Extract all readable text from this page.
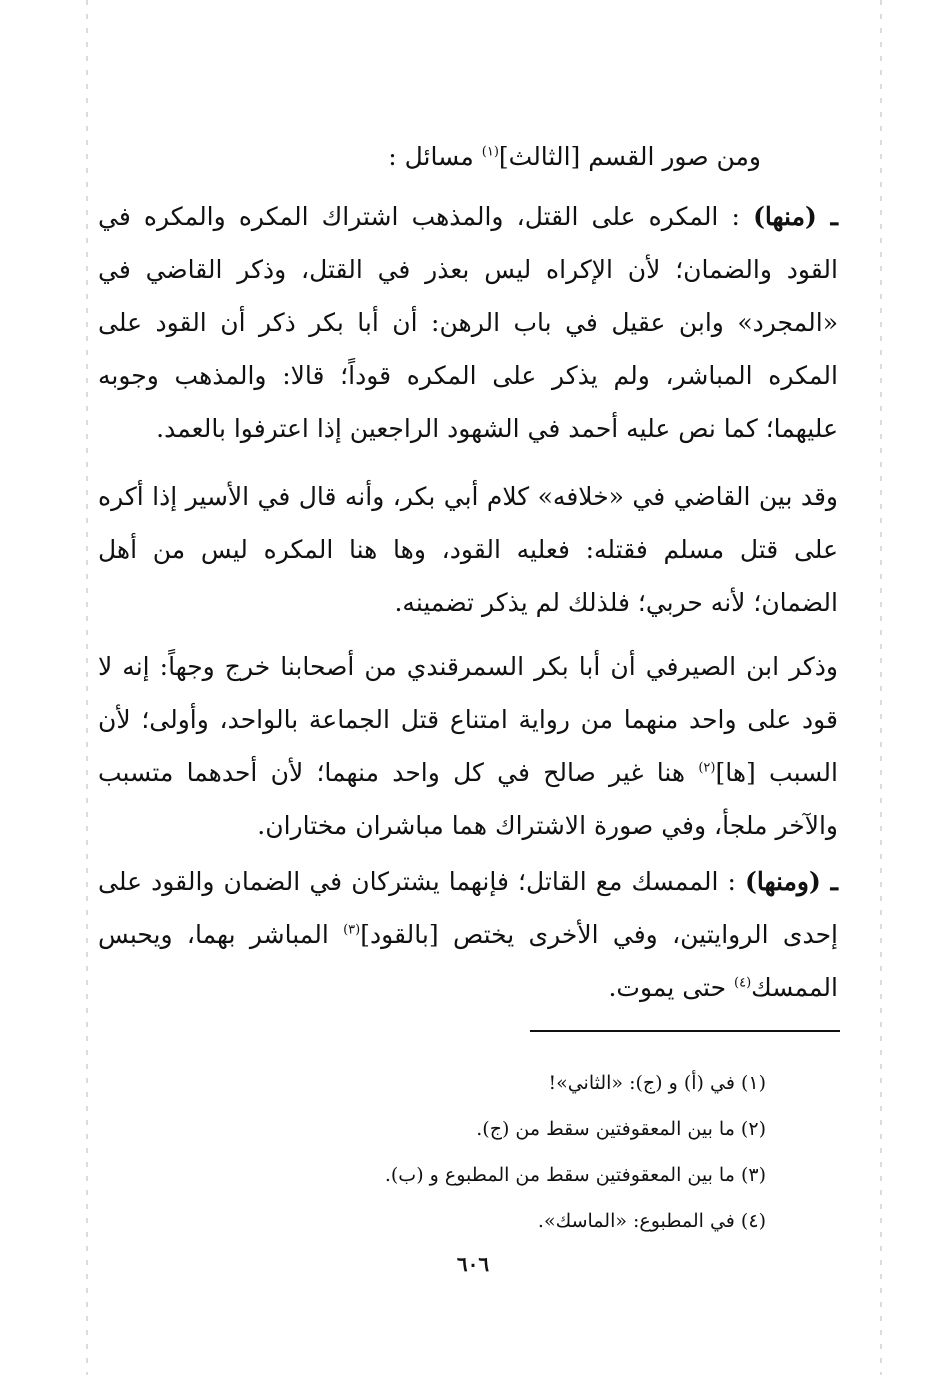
ومن صور القسم [الثالث]$^{(١)}$ مسائل :
ـ (منها) : المكره على القتل، والمذهب اشتراك المكره والمكره في القود والضمان؛ لأن الإكراه ليس بعذر في القتل، وذكر القاضي في «المجرد» وابن عقيل في باب الرهن: أن أبا بكر ذكر أن القود على المكره المباشر، ولم يذكر على المكره قوداً؛ قالا: والمذهب وجوبه عليهما؛ كما نص عليه أحمد في الشهود الراجعين إذا اعترفوا بالعمد.
وقد بين القاضي في «خلافه» كلام أبي بكر، وأنه قال في الأسير إذا أكره على قتل مسلم فقتله: فعليه القود، وها هنا المكره ليس من أهل الضمان؛ لأنه حربي؛ فلذلك لم يذكر تضمينه.
وذكر ابن الصيرفي أن أبا بكر السمرقندي من أصحابنا خرج وجهاً: إنه لا قود على واحد منهما من رواية امتناع قتل الجماعة بالواحد، وأولى؛ لأن السبب [ها]$^{(٢)}$ هنا غير صالح في كل واحد منهما؛ لأن أحدهما متسبب والآخر ملجأ، وفي صورة الاشتراك هما مباشران مختاران.
ـ (ومنها) : الممسك مع القاتل؛ فإنهما يشتركان في الضمان والقود على إحدى الروايتين، وفي الأخرى يختص [بالقود]$^{(٣)}$ المباشر بهما، ويحبس الممسك$^{(٤)}$ حتى يموت.
(١) في (أ) و (ج): «الثاني»!
(٢) ما بين المعقوفتين سقط من (ج).
(٣) ما بين المعقوفتين سقط من المطبوع و (ب).
(٤) في المطبوع: «الماسك».
٦٠٦
